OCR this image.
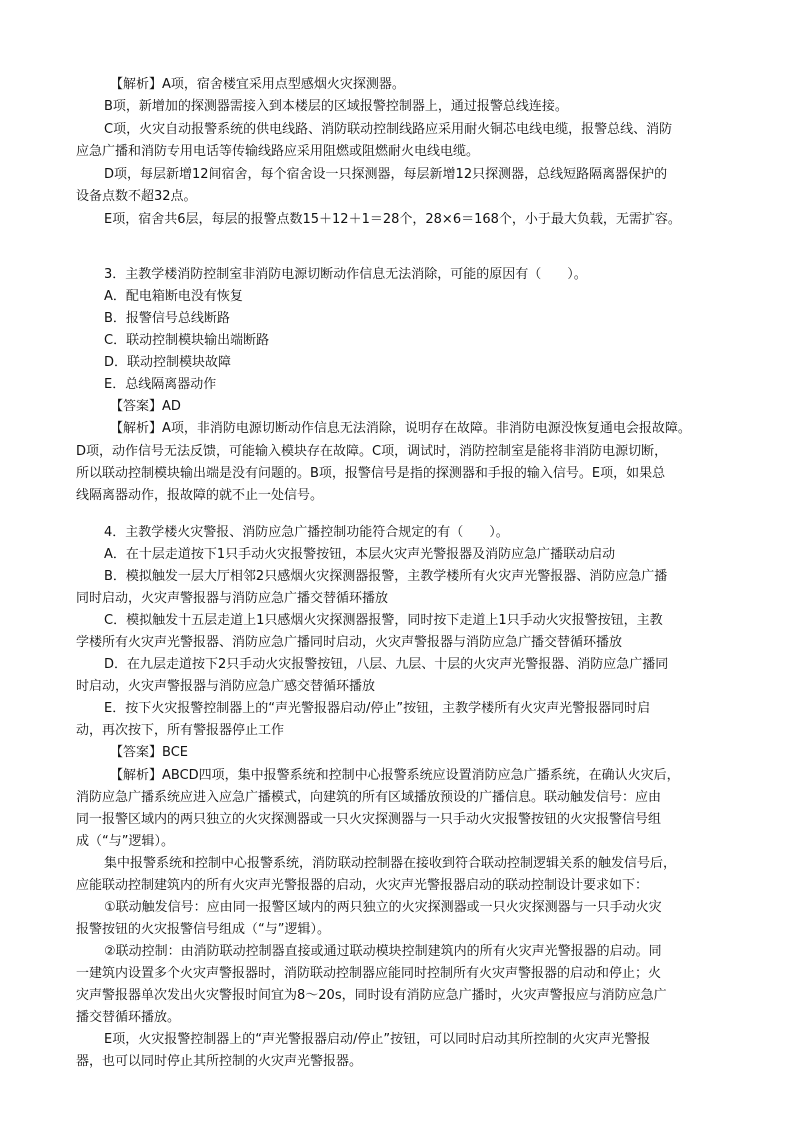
【解析】A项，宿舍楼宜采用点型感烟火灾探测器。
B项，新增加的探测器需接入到本楼层的区域报警控制器上，通过报警总线连接。
C项，火灾自动报警系统的供电线路、消防联动控制线路应采用耐火铜芯电线电缆，报警总线、消防
应急广播和消防专用电话等传输线路应采用阻燃或阻燃耐火电线电缆。
D项，每层新增12间宿舍，每个宿舍设一只探测器，每层新增12只探测器，总线短路隔离器保护的
设备点数不超32点。
E项，宿舍共6层，每层的报警点数15＋12＋1＝28个，28×6＝168个，小于最大负载，无需扩容。
3．主教学楼消防控制室非消防电源切断动作信息无法消除，可能的原因有（　　）。
A．配电箱断电没有恢复
B．报警信号总线断路
C．联动控制模块输出端断路
D．联动控制模块故障
E．总线隔离器动作
【答案】AD
【解析】A项，非消防电源切断动作信息无法消除，说明存在故障。非消防电源没恢复通电会报故障。
D项，动作信号无法反馈，可能输入模块存在故障。C项，调试时，消防控制室是能将非消防电源切断，
所以联动控制模块输出端是没有问题的。B项，报警信号是指的探测器和手报的输入信号。E项，如果总
线隔离器动作，报故障的就不止一处信号。
4．主教学楼火灾警报、消防应急广播控制功能符合规定的有（　　）。
A．在十层走道按下1只手动火灾报警按钮，本层火灾声光警报器及消防应急广播联动启动
B．模拟触发一层大厅相邻2只感烟火灾探测器报警，主教学楼所有火灾声光警报器、消防应急广播
同时启动，火灾声警报器与消防应急广播交替循环播放
C．模拟触发十五层走道上1只感烟火灾探测器报警，同时按下走道上1只手动火灾报警按钮，主教
学楼所有火灾声光警报器、消防应急广播同时启动，火灾声警报器与消防应急广播交替循环播放
D．在九层走道按下2只手动火灾报警按钮，八层、九层、十层的火灾声光警报器、消防应急广播同
时启动，火灾声警报器与消防应急广感交替循环播放
E．按下火灾报警控制器上的“声光警报器启动/停止”按钮，主教学楼所有火灾声光警报器同时启
动，再次按下，所有警报器停止工作
【答案】BCE
【解析】ABCD四项，集中报警系统和控制中心报警系统应设置消防应急广播系统，在确认火灾后，
消防应急广播系统应进入应急广播模式，向建筑的所有区域播放预设的广播信息。联动触发信号：应由
同一报警区域内的两只独立的火灾探测器或一只火灾探测器与一只手动火灾报警按钮的火灾报警信号组
成（“与”逻辑）。
集中报警系统和控制中心报警系统，消防联动控制器在接收到符合联动控制逻辑关系的触发信号后，
应能联动控制建筑内的所有火灾声光警报器的启动，火灾声光警报器启动的联动控制设计要求如下：
①联动触发信号：应由同一报警区域内的两只独立的火灾探测器或一只火灾探测器与一只手动火灾
报警按钮的火灾报警信号组成（“与”逻辑）。
②联动控制：由消防联动控制器直接或通过联动模块控制建筑内的所有火灾声光警报器的启动。同
一建筑内设置多个火灾声警报器时，消防联动控制器应能同时控制所有火灾声警报器的启动和停止；火
灾声警报器单次发出火灾警报时间宜为8～20s，同时设有消防应急广播时，火灾声警报应与消防应急广
播交替循环播放。
E项，火灾报警控制器上的“声光警报器启动/停止”按钮，可以同时启动其所控制的火灾声光警报
器，也可以同时停止其所控制的火灾声光警报器。
